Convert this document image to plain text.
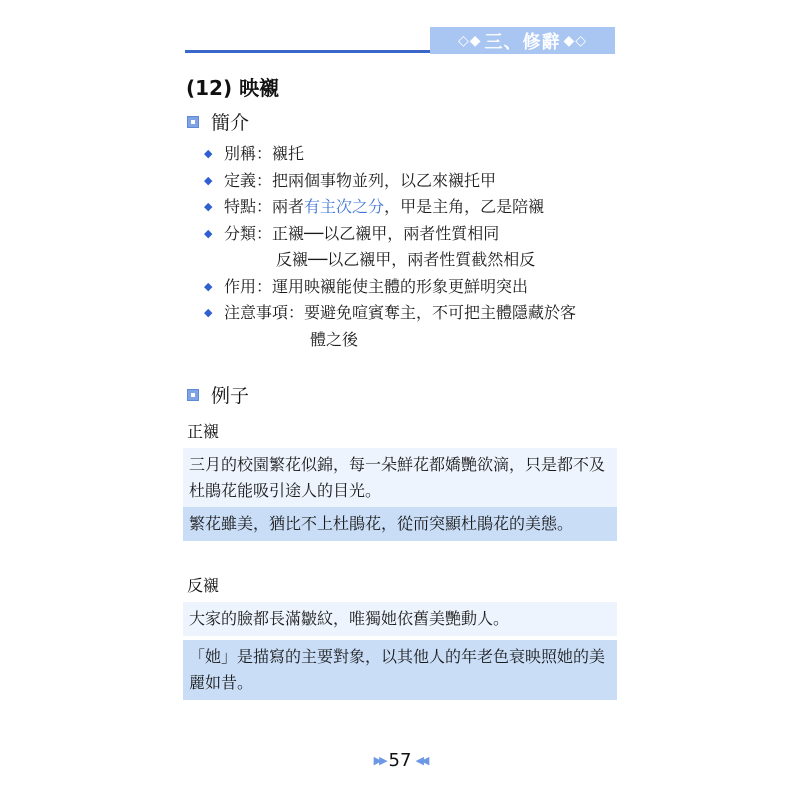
◇◆ 三、修辭 ◆◇
(12) 映襯
簡介
◆ 別稱：襯托
◆ 定義：把兩個事物並列，以乙來襯托甲
◆ 特點：兩者有主次之分，甲是主角，乙是陪襯
◆ 分類：正襯──以乙襯甲，兩者性質相同
反襯──以乙襯甲，兩者性質截然相反
◆ 作用：運用映襯能使主體的形象更鮮明突出
◆ 注意事項：要避免喧賓奪主，不可把主體隱藏於客
體之後
例子
正襯
三月的校園繁花似錦，每一朵鮮花都嬌艷欲滴，只是都不及杜鵑花能吸引途人的目光。
繁花雖美，猶比不上杜鵑花，從而突顯杜鵑花的美態。
反襯
大家的臉都長滿皺紋，唯獨她依舊美艷動人。
「她」是描寫的主要對象，以其他人的年老色衰映照她的美麗如昔。
▶▶ 57 ◀◀
